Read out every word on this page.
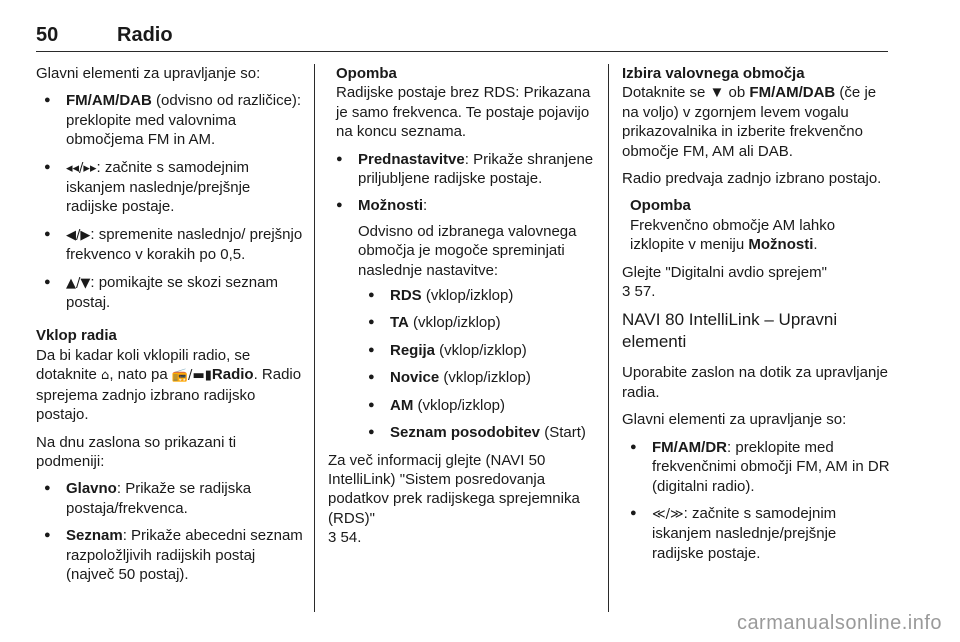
50	Radio

Glavni elementi za upravljanje so:

● FM/AM/DAB (odvisno od različice): preklopite med valovnima območjema FM in AM.
● ◂◂/▸▸: začnite s samodejnim iskanjem naslednje/prejšnje radijske postaje.
● ◀/▶: spremenite naslednjo/ prejšnjo frekvenco v korakih po 0,5.
● ▲/▼: pomikajte se skozi seznam postaj.

Vklop radia
Da bi kadar koli vklopili radio, se dotaknite ⌂, nato pa 📻/▬▮Radio. Radio sprejema zadnjo izbrano radijsko postajo.

Na dnu zaslona so prikazani ti podmeniji:

● Glavno: Prikaže se radijska postaja/frekvenca.
● Seznam: Prikaže abecedni seznam razpoložljivih radijskih postaj (največ 50 postaj).
Opomba
Radijske postaje brez RDS: Prikazana je samo frekvenca. Te postaje pojavijo na koncu seznama.
● Prednastavitve: Prikaže shranjene priljubljene radijske postaje.
● Možnosti:
Odvisno od izbranega valovnega območja je mogoče spreminjati naslednje nastavitve:
● RDS (vklop/izklop)
● TA (vklop/izklop)
● Regija (vklop/izklop)
● Novice (vklop/izklop)
● AM (vklop/izklop)
● Seznam posodobitev (Start)

Za več informacij glejte (NAVI 50 IntelliLink) "Sistem posredovanja podatkov prek radijskega sprejemnika (RDS)"
3 54.

Izbira valovnega območja
Dotaknite se ▼ ob FM/AM/DAB (če je na voljo) v zgornjem levem vogalu prikazovalnika in izberite frekvenčno območje FM, AM ali DAB.

Radio predvaja zadnjo izbrano postajo.

Opomba
Frekvenčno območje AM lahko izklopite v meniju Možnosti.

Glejte "Digitalni avdio sprejem"
3 57.

NAVI 80 IntelliLink – Upravni elementi

Uporabite zaslon na dotik za upravljanje radia.

Glavni elementi za upravljanje so:

● FM/AM/DR: preklopite med frekvenčnimi območji FM, AM in DR (digitalni radio).
● ≪/≫: začnite s samodejnim iskanjem naslednje/prejšnje radijske postaje.
carmanualsonline.info
